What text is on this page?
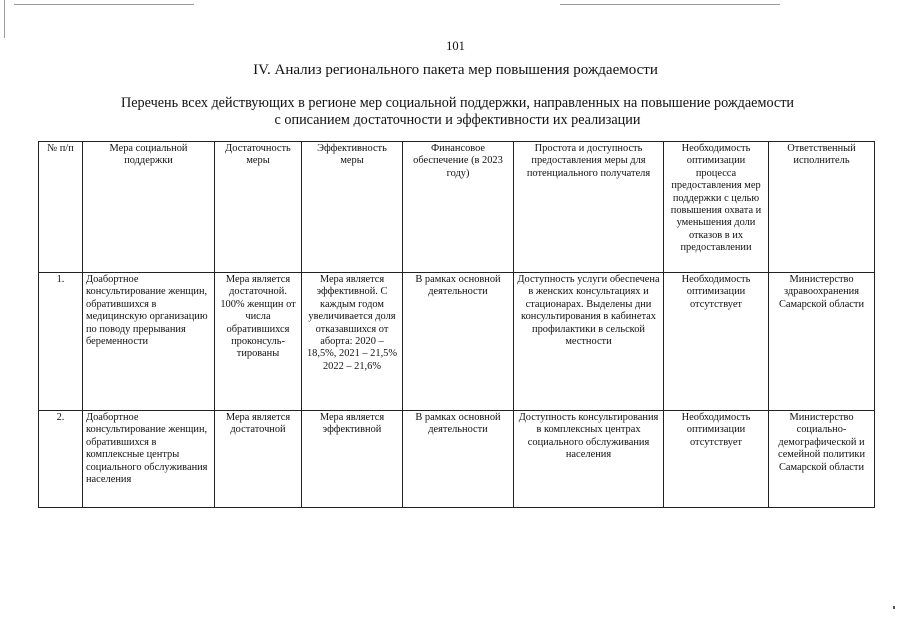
101
IV. Анализ регионального пакета мер повышения рождаемости
Перечень всех действующих в регионе мер социальной поддержки, направленных на повышение рождаемости
с описанием достаточности и эффективности их реализации
№ п/п	Мера социальной поддержки	Достаточность меры	Эффективность меры	Финансовое обеспечение (в 2023 году)	Простота и доступность предоставления меры для потенциального получателя	Необходимость оптимизации процесса предоставления мер поддержки с целью повышения охвата и уменьшения доли отказов в их предоставлении	Ответственный исполнитель
1.	Доабортное консультирование женщин, обратившихся в медицинскую организацию по поводу прерывания беременности	Мера является достаточной. 100% женщин от числа обратившихся проконсуль-тированы	Мера является эффективной. С каждым годом увеличивается доля отказавшихся от аборта: 2020 – 18,5%, 2021 – 21,5% 2022 – 21,6%	В рамках основной деятельности	Доступность услуги обеспечена в женских консультациях и стационарах. Выделены дни консультирования в кабинетах профилактики в сельской местности	Необходимость оптимизации отсутствует	Министерство здравоохранения Самарской области
2.	Доабортное консультирование женщин, обратившихся в комплексные центры социального обслуживания населения	Мера является достаточной	Мера является эффективной	В рамках основной деятельности	Доступность консультирования в комплексных центрах социального обслуживания населения	Необходимость оптимизации отсутствует	Министерство социально-демографической и семейной политики Самарской области
